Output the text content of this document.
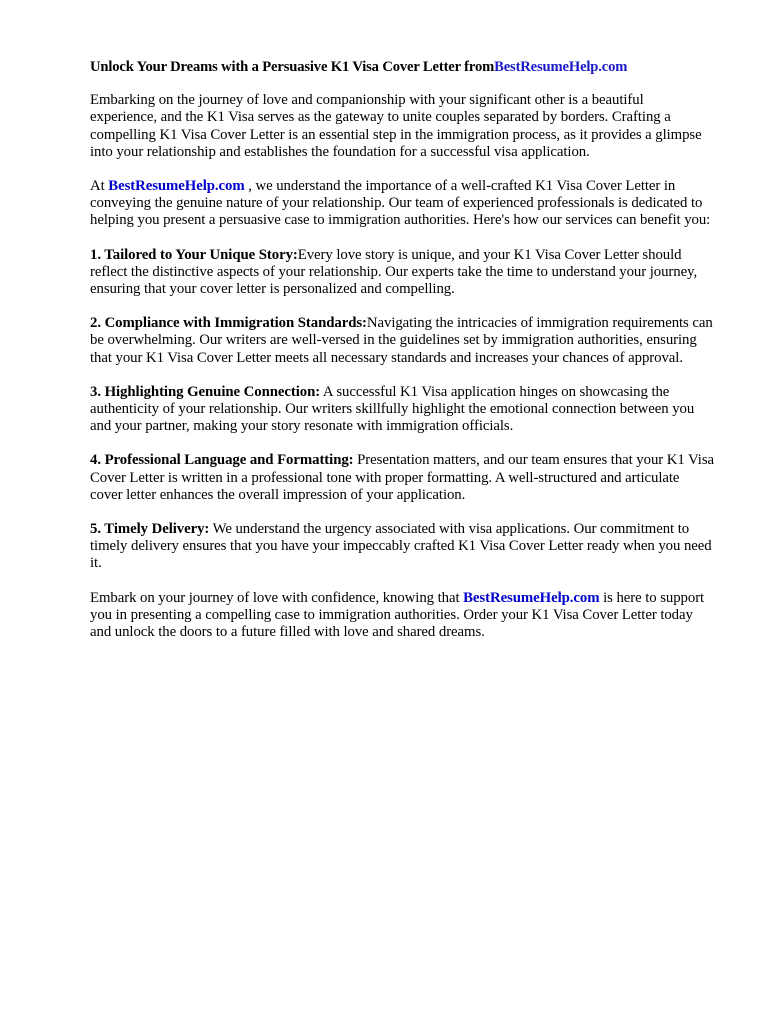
Unlock Your Dreams with a Persuasive K1 Visa Cover Letter fromBestResumeHelp.com

Embarking on the journey of love and companionship with your significant other is a beautiful experience, and the K1 Visa serves as the gateway to unite couples separated by borders. Crafting a compelling K1 Visa Cover Letter is an essential step in the immigration process, as it provides a glimpse into your relationship and establishes the foundation for a successful visa application.

At BestResumeHelp.com , we understand the importance of a well-crafted K1 Visa Cover Letter in conveying the genuine nature of your relationship. Our team of experienced professionals is dedicated to helping you present a persuasive case to immigration authorities. Here's how our services can benefit you:

1. Tailored to Your Unique Story:Every love story is unique, and your K1 Visa Cover Letter should reflect the distinctive aspects of your relationship. Our experts take the time to understand your journey, ensuring that your cover letter is personalized and compelling.

2. Compliance with Immigration Standards:Navigating the intricacies of immigration requirements can be overwhelming. Our writers are well-versed in the guidelines set by immigration authorities, ensuring that your K1 Visa Cover Letter meets all necessary standards and increases your chances of approval.

3. Highlighting Genuine Connection: A successful K1 Visa application hinges on showcasing the authenticity of your relationship. Our writers skillfully highlight the emotional connection between you and your partner, making your story resonate with immigration officials.

4. Professional Language and Formatting: Presentation matters, and our team ensures that your K1 Visa Cover Letter is written in a professional tone with proper formatting. A well-structured and articulate cover letter enhances the overall impression of your application.

5. Timely Delivery: We understand the urgency associated with visa applications. Our commitment to timely delivery ensures that you have your impeccably crafted K1 Visa Cover Letter ready when you need it.

Embark on your journey of love with confidence, knowing that BestResumeHelp.com is here to support you in presenting a compelling case to immigration authorities. Order your K1 Visa Cover Letter today and unlock the doors to a future filled with love and shared dreams.
